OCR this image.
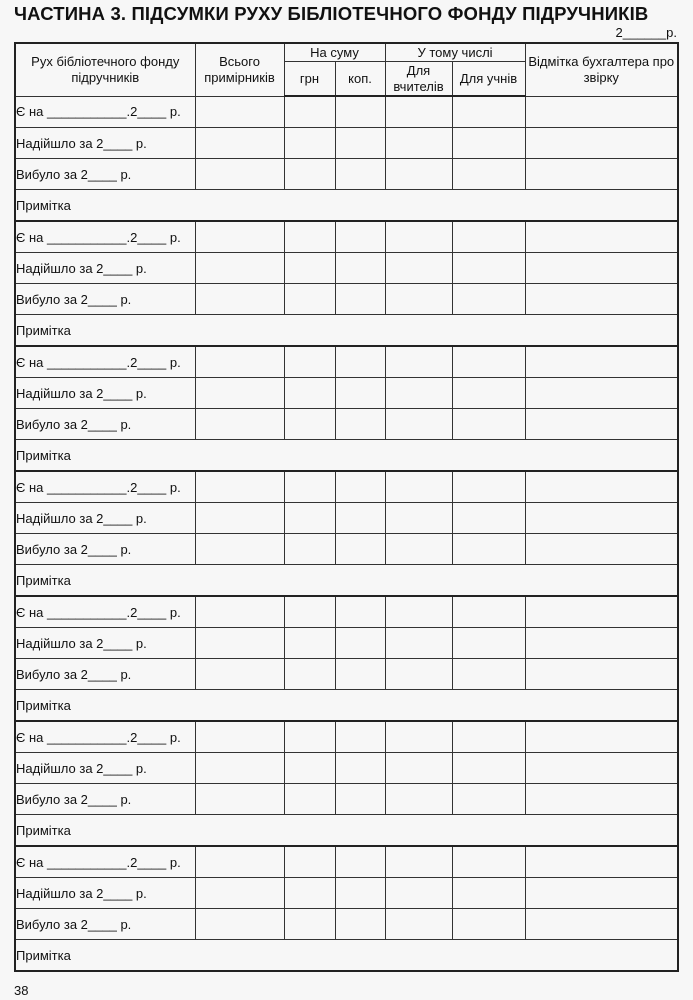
ЧАСТИНА 3. ПІДСУМКИ РУХУ БІБЛІОТЕЧНОГО ФОНДУ ПІДРУЧНИКІВ
2______р.
Рух бібліотечного фонду підручників	Всього примірників	На суму		У тому числі		Відмітка бухгалтера про звірку
		грн	коп.	Для вчителів	Для учнів	
Є на ___________.2____ р.						
Надійшло за 2____ р.						
Вибуло за 2____ р.						
Примітка						
Є на ___________.2____ р.						
Надійшло за 2____ р.						
Вибуло за 2____ р.						
Примітка						
Є на ___________.2____ р.						
Надійшло за 2____ р.						
Вибуло за 2____ р.						
Примітка						
Є на ___________.2____ р.						
Надійшло за 2____ р.						
Вибуло за 2____ р.						
Примітка						
Є на ___________.2____ р.						
Надійшло за 2____ р.						
Вибуло за 2____ р.						
Примітка						
Є на ___________.2____ р.						
Надійшло за 2____ р.						
Вибуло за 2____ р.						
Примітка						
Є на ___________.2____ р.						
Надійшло за 2____ р.						
Вибуло за 2____ р.						
Примітка						
38
